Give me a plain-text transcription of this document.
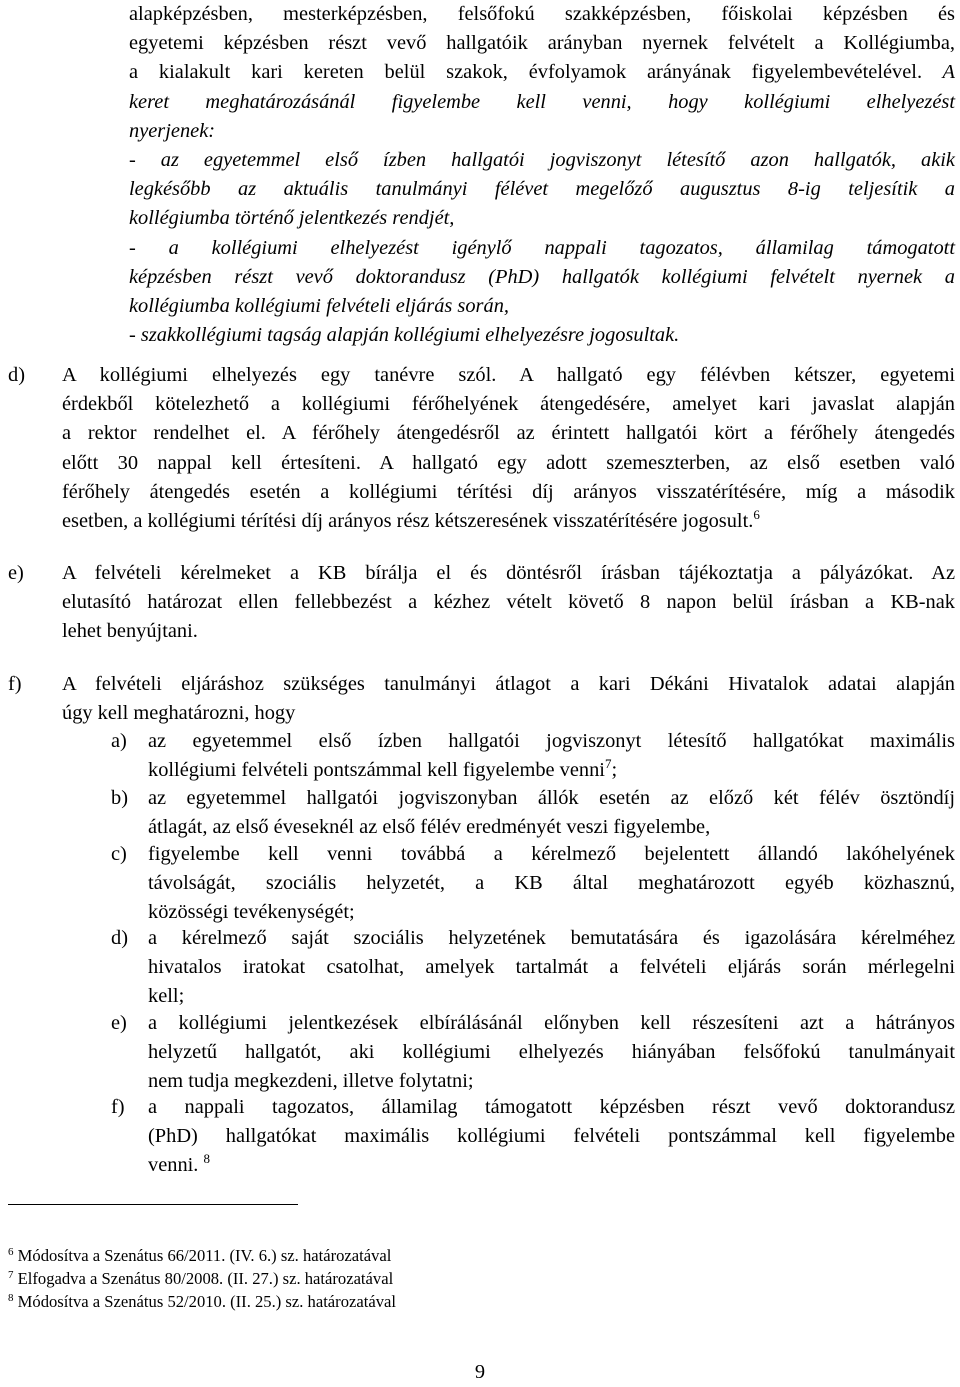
alapképzésben, mesterképzésben, felsőfokú szakképzésben, főiskolai képzésben és
egyetemi képzésben részt vevő hallgatóik arányban nyernek felvételt a Kollégiumba,
a kialakult kari kereten belül szakok, évfolyamok arányának figyelembevételével. A
keret meghatározásánál figyelembe kell venni, hogy kollégiumi elhelyezést
nyerjenek:
- az egyetemmel első ízben hallgatói jogviszonyt létesítő azon hallgatók, akik
legkésőbb az aktuális tanulmányi félévet megelőző augusztus 8-ig teljesítik a
kollégiumba történő jelentkezés rendjét,
- a kollégiumi elhelyezést igénylő nappali tagozatos, államilag támogatott
képzésben részt vevő doktorandusz (PhD) hallgatók kollégiumi felvételt nyernek a
kollégiumba kollégiumi felvételi eljárás során,
- szakkollégiumi tagság alapján kollégiumi elhelyezésre jogosultak.
d) A kollégiumi elhelyezés egy tanévre szól. A hallgató egy félévben kétszer, egyetemi
érdekből kötelezhető a kollégiumi férőhelyének átengedésére, amelyet kari javaslat alapján
a rektor rendelhet el. A férőhely átengedésről az érintett hallgatói kört a férőhely átengedés
előtt 30 nappal kell értesíteni. A hallgató egy adott szemeszterben, az első esetben való
férőhely átengedés esetén a kollégiumi térítési díj arányos visszatérítésére, míg a második
esetben, a kollégiumi térítési díj arányos rész kétszeresének visszatérítésére jogosult.$^6$
e) A felvételi kérelmeket a KB bírálja el és döntésről írásban tájékoztatja a pályázókat. Az
elutasító határozat ellen fellebbezést a kézhez vételt követő 8 napon belül írásban a KB-nak
lehet benyújtani.
f) A felvételi eljáráshoz szükséges tanulmányi átlagot a kari Dékáni Hivatalok adatai alapján
úgy kell meghatározni, hogy
a) az egyetemmel első ízben hallgatói jogviszonyt létesítő hallgatókat maximális
kollégiumi felvételi pontszámmal kell figyelembe venni$^7$;
b) az egyetemmel hallgatói jogviszonyban állók esetén az előző két félév ösztöndíj
átlagát, az első éveseknél az első félév eredményét veszi figyelembe,
c) figyelembe kell venni továbbá a kérelmező bejelentett állandó lakóhelyének
távolságát, szociális helyzetét, a KB által meghatározott egyéb közhasznú,
közösségi tevékenységét;
d) a kérelmező saját szociális helyzetének bemutatására és igazolására kérelméhez
hivatalos iratokat csatolhat, amelyek tartalmát a felvételi eljárás során mérlegelni
kell;
e) a kollégiumi jelentkezések elbírálásánál előnyben kell részesíteni azt a hátrányos
helyzetű hallgatót, aki kollégiumi elhelyezés hiányában felsőfokú tanulmányait
nem tudja megkezdeni, illetve folytatni;
f) a nappali tagozatos, államilag támogatott képzésben részt vevő doktorandusz
(PhD) hallgatókat maximális kollégiumi felvételi pontszámmal kell figyelembe
venni. $^8$
$^6$ Módosítva a Szenátus 66/2011. (IV. 6.) sz. határozatával
$^7$ Elfogadva a Szenátus 80/2008. (II. 27.) sz. határozatával
$^8$ Módosítva a Szenátus 52/2010. (II. 25.) sz. határozatával
9
